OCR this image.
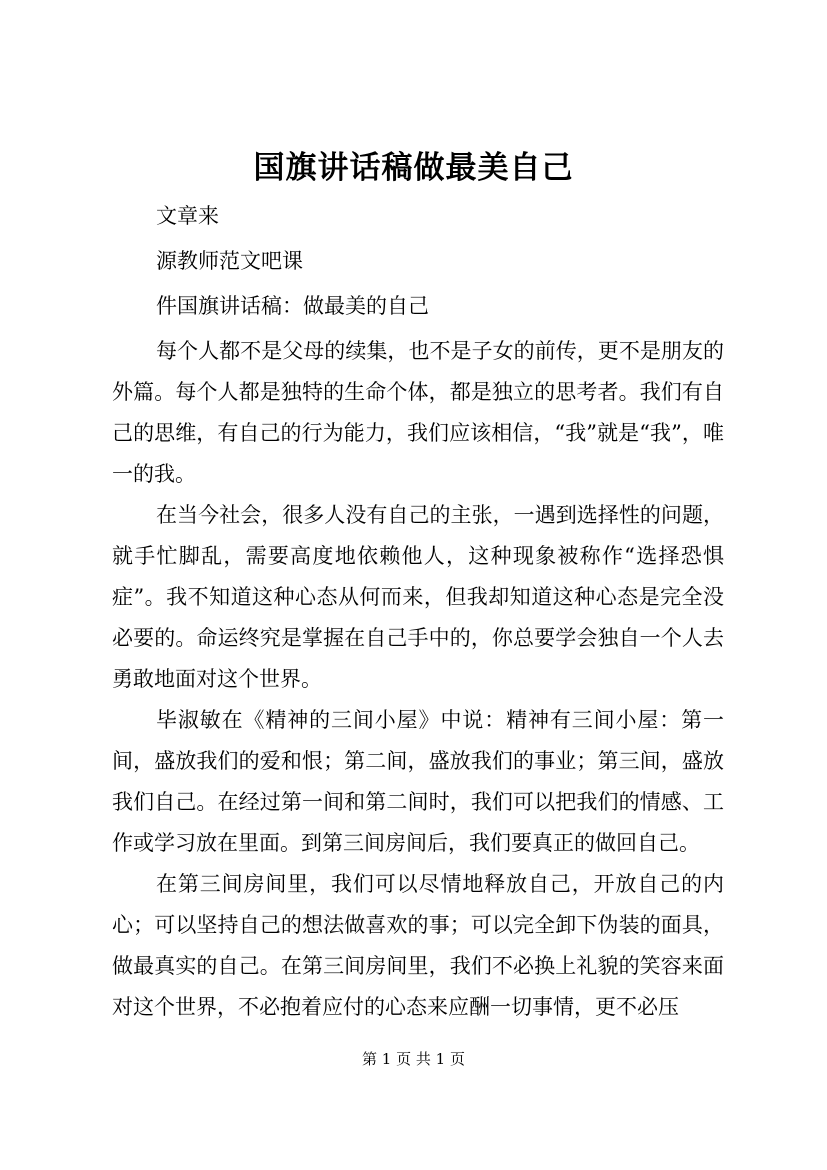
国旗讲话稿做最美自己

文章来

源教师范文吧课

件国旗讲话稿：做最美的自己

每个人都不是父母的续集，也不是子女的前传，更不是朋友的外篇。每个人都是独特的生命个体，都是独立的思考者。我们有自己的思维，有自己的行为能力，我们应该相信，“我”就是“我”，唯一的我。

在当今社会，很多人没有自己的主张，一遇到选择性的问题，就手忙脚乱，需要高度地依赖他人，这种现象被称作“选择恐惧症”。我不知道这种心态从何而来，但我却知道这种心态是完全没必要的。命运终究是掌握在自己手中的，你总要学会独自一个人去勇敢地面对这个世界。

毕淑敏在《精神的三间小屋》中说：精神有三间小屋：第一间，盛放我们的爱和恨；第二间，盛放我们的事业；第三间，盛放我们自己。在经过第一间和第二间时，我们可以把我们的情感、工作或学习放在里面。到第三间房间后，我们要真正的做回自己。

在第三间房间里，我们可以尽情地释放自己，开放自己的内心；可以坚持自己的想法做喜欢的事；可以完全卸下伪装的面具，做最真实的自己。在第三间房间里，我们不必换上礼貌的笑容来面对这个世界，不必抱着应付的心态来应酬一切事情，更不必压

第 1 页 共 1 页
